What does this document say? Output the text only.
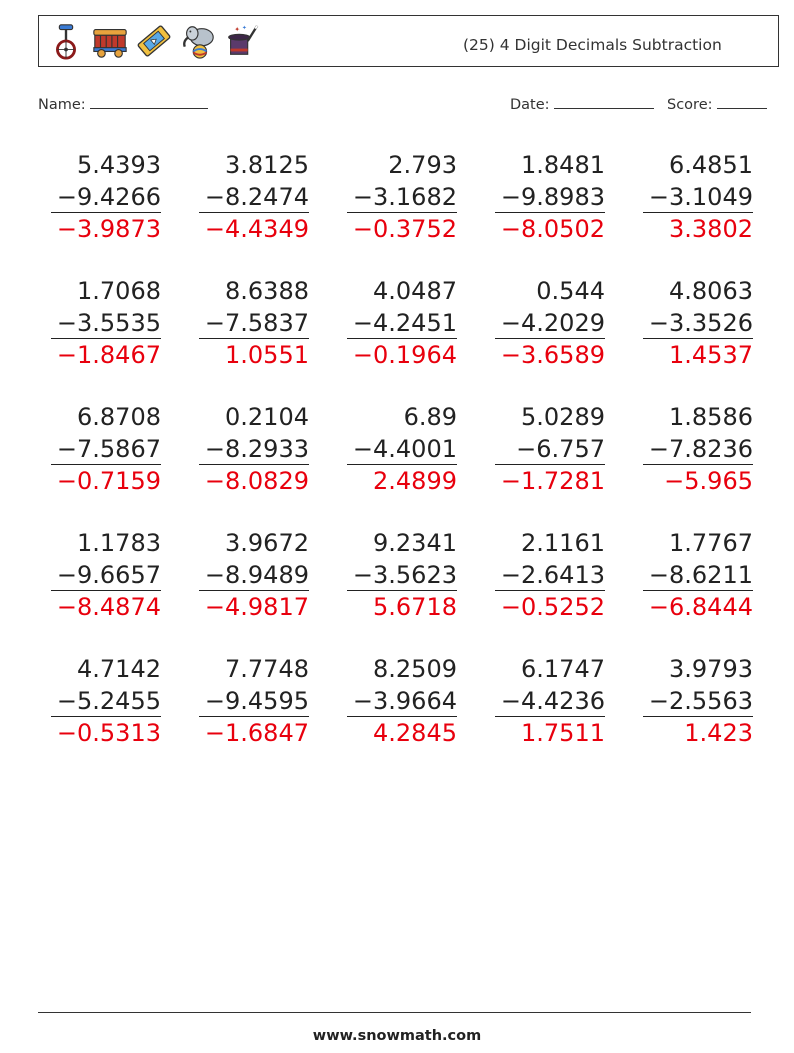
✦ ✦
(25) 4 Digit Decimals Subtraction
Name:	Date:	Score:
5.4393
−9.4266
−3.9873
3.8125
−8.2474
−4.4349
2.793
−3.1682
−0.3752
1.8481
−9.8983
−8.0502
6.4851
−3.1049
3.3802
1.7068
−3.5535
−1.8467
8.6388
−7.5837
1.0551
4.0487
−4.2451
−0.1964
0.544
−4.2029
−3.6589
4.8063
−3.3526
1.4537
6.8708
−7.5867
−0.7159
0.2104
−8.2933
−8.0829
6.89
−4.4001
2.4899
5.0289
−6.757
−1.7281
1.8586
−7.8236
−5.965
1.1783
−9.6657
−8.4874
3.9672
−8.9489
−4.9817
9.2341
−3.5623
5.6718
2.1161
−2.6413
−0.5252
1.7767
−8.6211
−6.8444
4.7142
−5.2455
−0.5313
7.7748
−9.4595
−1.6847
8.2509
−3.9664
4.2845
6.1747
−4.4236
1.7511
3.9793
−2.5563
1.423
www.snowmath.com
